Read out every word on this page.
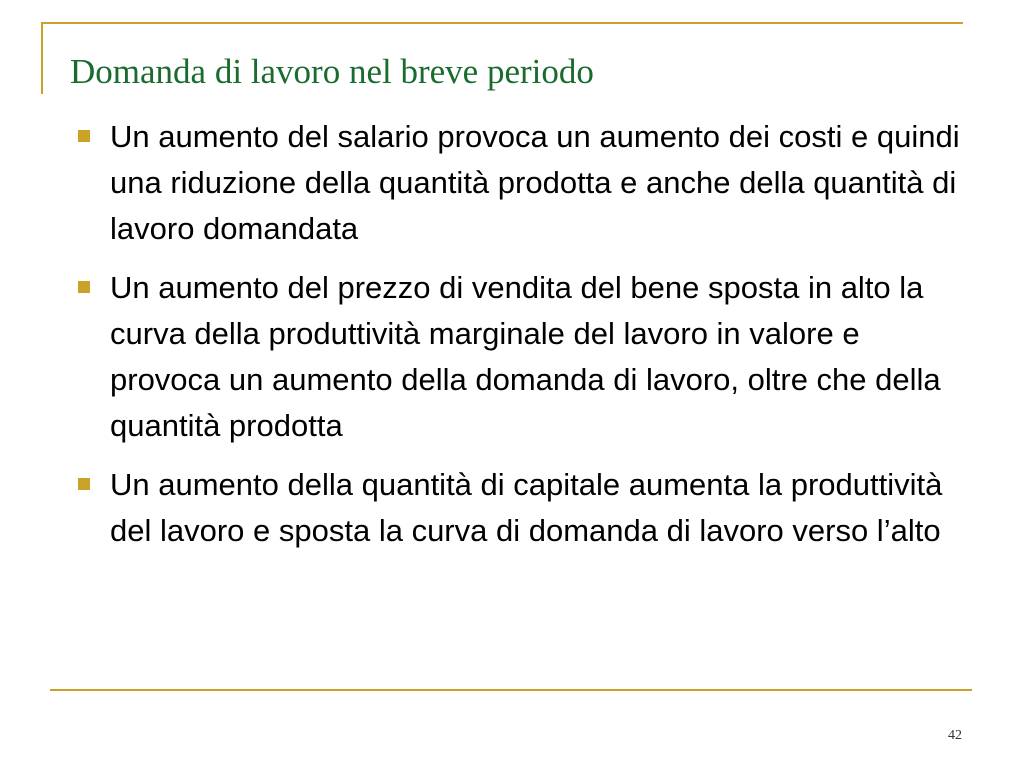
Domanda di lavoro nel breve periodo
Un aumento del salario provoca un aumento dei costi e quindi una riduzione della quantità prodotta e anche della quantità di lavoro domandata
Un aumento del prezzo di vendita del bene sposta in alto la curva della produttività marginale del lavoro in valore e provoca un aumento della domanda di lavoro, oltre che della quantità prodotta
Un aumento della quantità di capitale aumenta la produttività del lavoro e sposta la curva di domanda di lavoro verso l’alto
42
